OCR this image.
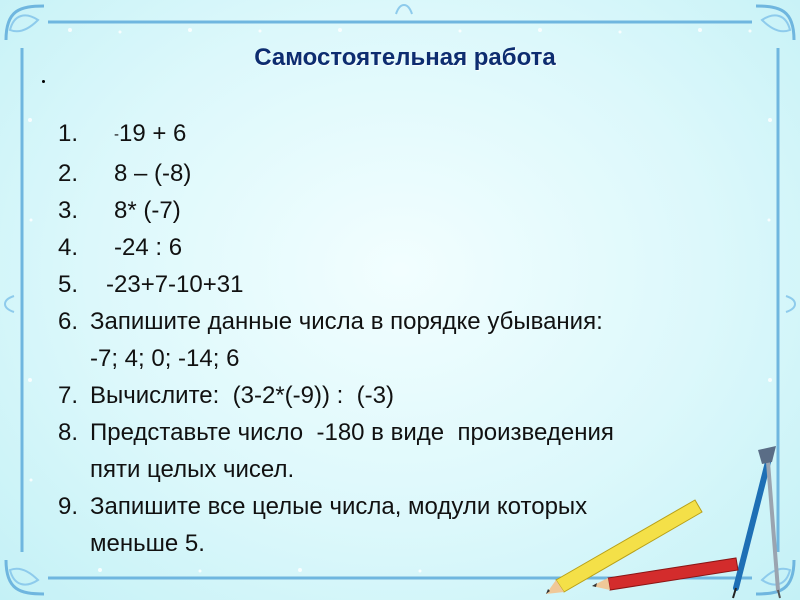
Самостоятельная работа
1.	-19 + 6
2.	8 – (-8)
3.	8* (-7)
4.	-24 : 6
5.	-23+7-10+31
6. Запишите данные числа в порядке убывания:
-7; 4; 0; -14; 6
7. Вычислите:  (3-2*(-9)) :  (-3)
8. Представьте число  -180 в виде  произведения
пяти целых чисел.
9. Запишите все целые числа, модули которых
меньше 5.
